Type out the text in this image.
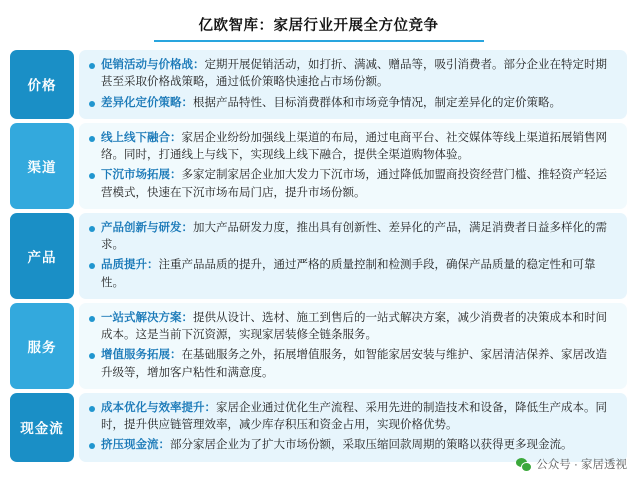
亿欧智库：家居行业开展全方位竞争
价格
促销活动与价格战：定期开展促销活动，如打折、满减、赠品等，吸引消费者。部分企业在特定时期甚至采取价格战策略，通过低价策略快速抢占市场份额。
差异化定价策略：根据产品特性、目标消费群体和市场竞争情况，制定差异化的定价策略。
渠道
线上线下融合：家居企业纷纷加强线上渠道的布局，通过电商平台、社交媒体等线上渠道拓展销售网络。同时，打通线上与线下，实现线上线下融合，提供全渠道购物体验。
下沉市场拓展：多家定制家居企业加大发力下沉市场，通过降低加盟商投资经营门槛、推轻资产轻运营模式，快速在下沉市场布局门店，提升市场份额。
产品
产品创新与研发：加大产品研发力度，推出具有创新性、差异化的产品，满足消费者日益多样化的需求。
品质提升：注重产品品质的提升，通过严格的质量控制和检测手段，确保产品质量的稳定性和可靠性。
服务
一站式解决方案：提供从设计、选材、施工到售后的一站式解决方案，减少消费者的决策成本和时间成本。这是当前下沉资源，实现家居装修全链条服务。
增值服务拓展：在基础服务之外，拓展增值服务，如智能家居安装与维护、家居清洁保养、家居改造升级等，增加客户粘性和满意度。
现金流
成本优化与效率提升：家居企业通过优化生产流程、采用先进的制造技术和设备，降低生产成本。同时，提升供应链管理效率，减少库存积压和资金占用，实现价格优势。
挤压现金流：部分家居企业为了扩大市场份额，采取压缩回款周期的策略以获得更多现金流。
公众号 · 家居透视
